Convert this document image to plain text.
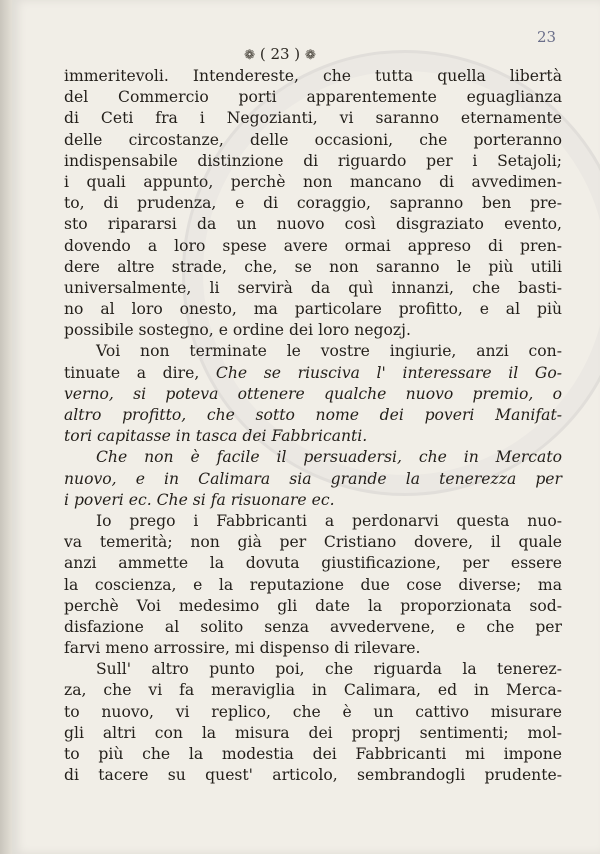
23
❁ ( 23 ) ❁
immeritevoli. Intendereste, che tutta quella libertà
del Commercio porti apparentemente eguaglianza
di Ceti fra i Negozianti, vi saranno eternamente
delle circostanze, delle occasioni, che porteranno
indispensabile distinzione di riguardo per i Setajoli;
i quali appunto, perchè non mancano di avvedimen-
to, di prudenza, e di coraggio, sapranno ben pre-
sto ripararsi da un nuovo così disgraziato evento,
dovendo a loro spese avere ormai appreso di pren-
dere altre strade, che, se non saranno le più utili
universalmente, li servirà da quì innanzi, che basti-
no al loro onesto, ma particolare profitto, e al più
possibile sostegno, e ordine dei loro negozj.
Voi non terminate le vostre ingiurie, anzi con-
tinuate a dire, Che se riusciva l' interessare il Go-
verno, si poteva ottenere qualche nuovo premio, o
altro profitto, che sotto nome dei poveri Manifat-
tori capitasse in tasca dei Fabbricanti.
Che non è facile il persuadersi, che in Mercato
nuovo, e in Calimara sia grande la tenerezza per
i poveri ec. Che si fa risuonare ec.
Io prego i Fabbricanti a perdonarvi questa nuo-
va temerità; non già per Cristiano dovere, il quale
anzi ammette la dovuta giustificazione, per essere
la coscienza, e la reputazione due cose diverse; ma
perchè Voi medesimo gli date la proporzionata sod-
disfazione al solito senza avvedervene, e che per
farvi meno arrossire, mi dispenso di rilevare.
Sull' altro punto poi, che riguarda la tenerez-
za, che vi fa meraviglia in Calimara, ed in Merca-
to nuovo, vi replico, che è un cattivo misurare
gli altri con la misura dei proprj sentimenti; mol-
to più che la modestia dei Fabbricanti mi impone
di tacere su quest' articolo, sembrandogli prudente-
